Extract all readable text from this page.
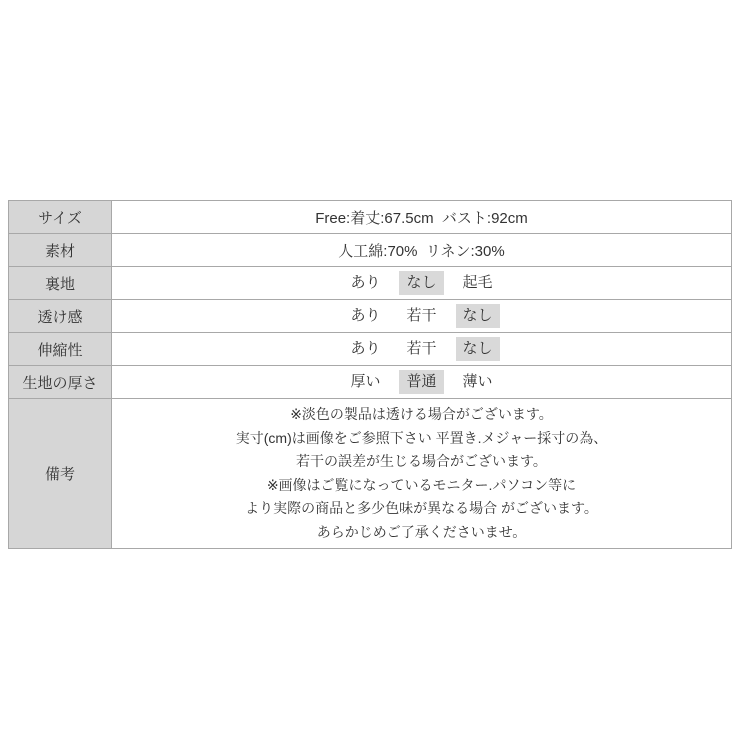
サイズ	Free:着丈:67.5cm  バスト:92cm
素材	人工綿:70%  リネン:30%
裏地	あり なし 起毛

透け感	あり 若干 なし

伸縮性	あり 若干 なし

生地の厚さ	厚い 普通 薄い

備考	
※淡色の製品は透ける場合がございます。
実寸(cm)は画像をご参照下さい 平置き.メジャー採寸の為、
若干の誤差が生じる場合がございます。
※画像はご覧になっているモニター.パソコン等に
より実際の商品と多少色味が異なる場合 がございます。
あらかじめご了承くださいませ。
